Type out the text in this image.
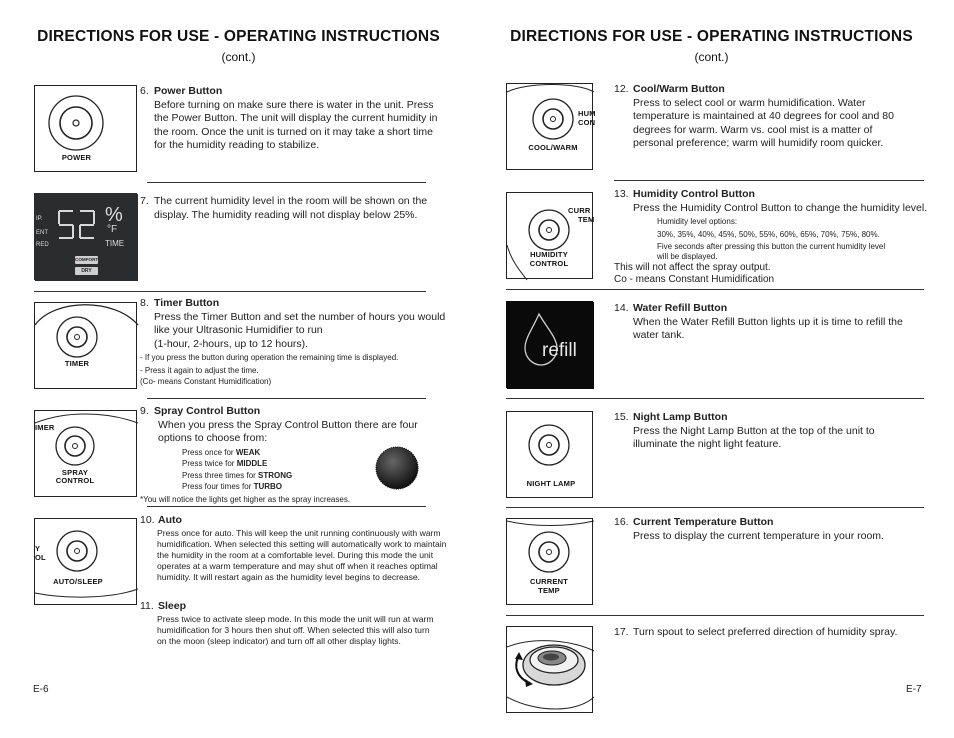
DIRECTIONS FOR USE - OPERATING INSTRUCTIONS
(cont.)
POWER
6. Power Button
Before turning on make sure there is water in the unit. Press the Power Button. The unit will display the current humidity in the room. Once the unit is turned on it may take a short time for the humidity reading to stabilize.
IP.
ENT
RED
%
°F
TIME
COMFORT
DRY
7. The current humidity level in the room will be shown on the display. The humidity reading will not display below 25%.
TIMER
8. Timer Button
Press the Timer Button and set the number of hours you would like your Ultrasonic Humidifier to run
(1-hour, 2-hours, up to 12 hours).
- If you press the button during operation the remaining time is displayed.
- Press it again to adjust the time.
(Co- means Constant Humidification)
IMER
SPRAY
CONTROL
9. Spray Control Button
When you press the Spray Control Button there are four options to choose from:
Press once for WEAK
Press twice for MIDDLE
Press three times for STRONG
Press four times for TURBO
*You will notice the lights get higher as the spray increases.
Y
OL
AUTO/SLEEP
10. Auto
Press once for auto. This will keep the unit running continuously with warm humidification. When selected this setting will automatically work to maintain the humidity in the room at a comfortable level. During this mode the unit operates at a warm temperature and may shut off when it reaches optimal humidity. It will restart again as the humidity level begins to decrease.
11. Sleep
Press twice to activate sleep mode. In this mode the unit will run at warm humidification for 3 hours then shut off. When selected this will also turn on the moon (sleep indicator) and turn off all other display lights.
E-6
DIRECTIONS FOR USE - OPERATING INSTRUCTIONS
(cont.)
HUM
CON
COOL/WARM
12. Cool/Warm Button
Press to select cool or warm humidification. Water temperature is maintained at 40 degrees for cool and 80 degrees for warm. Warm vs. cool mist is a matter of personal preference; warm will humidify room quicker.
CURR
TEM
HUMIDITY
CONTROL
13. Humidity Control Button
Press the Humidity Control Button to change the humidity level.
Humidity level options:
30%, 35%, 40%, 45%, 50%, 55%, 60%, 65%, 70%, 75%, 80%.
Five seconds after pressing this button the current humidity level will be displayed.
This will not affect the spray output.
Co - means Constant Humidification
refill
14. Water Refill Button
When the Water Refill Button lights up it is time to refill the water tank.
NIGHT LAMP
15. Night Lamp Button
Press the Night Lamp Button at the top of the unit to illuminate the night light feature.
CURRENT
TEMP
16. Current Temperature Button
Press to display the current temperature in your room.
17. Turn spout to select preferred direction of humidity spray.
E-7
